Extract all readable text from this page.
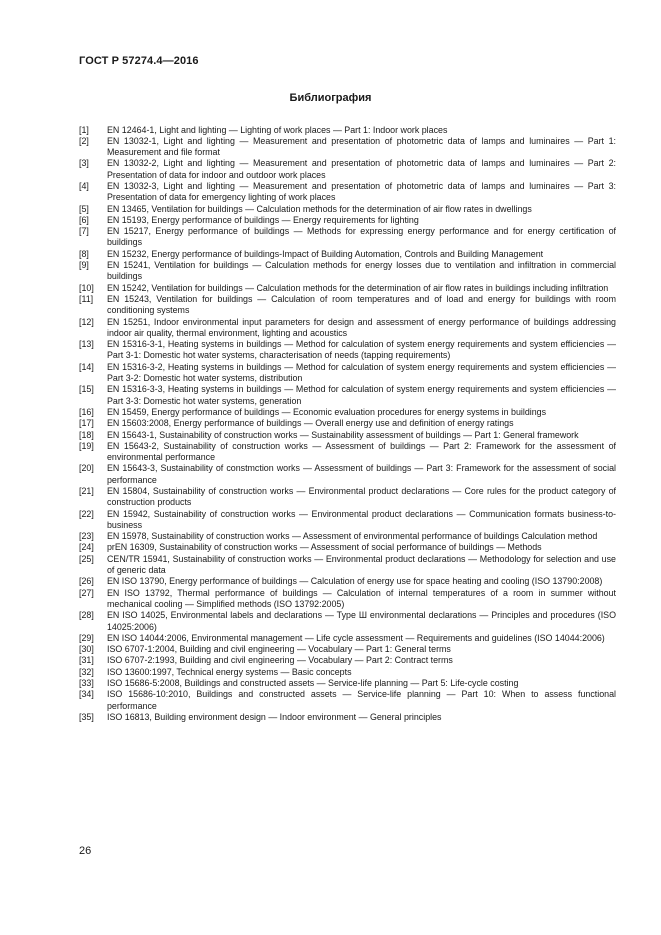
ГОСТ Р 57274.4—2016
Библиография
[1]	EN 12464-1, Light and lighting — Lighting of work places — Part 1: Indoor work places
[2]	EN 13032-1, Light and lighting — Measurement and presentation of photometric data of lamps and luminaires — Part 1: Measurement and file format
[3]	EN 13032-2, Light and lighting — Measurement and presentation of photometric data of lamps and luminaires — Part 2: Presentation of data for indoor and outdoor work places
[4]	EN 13032-3, Light and lighting — Measurement and presentation of photometric data of lamps and luminaires — Part 3: Presentation of data for emergency lighting of work places
[5]	EN 13465, Ventilation for buildings — Calculation methods for the determination of air flow rates in dwellings
[6]	EN 15193, Energy performance of buildings — Energy requirements for lighting
[7]	EN 15217, Energy performance of buildings — Methods for expressing energy performance and for energy certification of buildings
[8]	EN 15232, Energy performance of buildings-Impact of Building Automation, Controls and Building Management
[9]	EN 15241, Ventilation for buildings — Calculation methods for energy losses due to ventilation and infiltration in commercial buildings
[10]	EN 15242, Ventilation for buildings — Calculation methods for the determination of air flow rates in buildings including infiltration
[11]	EN 15243, Ventilation for buildings — Calculation of room temperatures and of load and energy for buildings with room conditioning systems
[12]	EN 15251, Indoor environmental input parameters for design and assessment of energy performance of buildings addressing indoor air quality, thermal environment, lighting and acoustics
[13]	EN 15316-3-1, Heating systems in buildings — Method for calculation of system energy requirements and system efficiencies — Part 3-1: Domestic hot water systems, characterisation of needs (tapping requirements)
[14]	EN 15316-3-2, Heating systems in buildings — Method for calculation of system energy requirements and system efficiencies — Part 3-2: Domestic hot water systems, distribution
[15]	EN 15316-3-3, Heating systems in buildings — Method for calculation of system energy requirements and system efficiencies — Part 3-3: Domestic hot water systems, generation
[16]	EN 15459, Energy performance of buildings — Economic evaluation procedures for energy systems in buildings
[17]	EN 15603:2008, Energy performance of buildings — Overall energy use and definition of energy ratings
[18]	EN 15643-1, Sustainability of construction works — Sustainability assessment of buildings — Part 1: General framework
[19]	EN 15643-2, Sustainability of construction works — Assessment of buildings — Part 2: Framework for the assessment of environmental performance
[20]	EN 15643-3, Sustainability of constmction works — Assessment of buildings — Part 3: Framework for the assessment of social performance
[21]	EN 15804, Sustainability of construction works — Environmental product declarations — Core rules for the product category of construction products
[22]	EN 15942, Sustainability of construction works — Environmental product declarations — Communication formats business-to-business
[23]	EN 15978, Sustainability of construction works — Assessment of environmental performance of buildings Calculation method
[24]	prEN 16309, Sustainability of construction works — Assessment of social performance of buildings — Methods
[25]	CEN/TR 15941, Sustainability of construction works — Environmental product declarations — Methodology for selection and use of generic data
[26]	EN ISO 13790, Energy performance of buildings — Calculation of energy use for space heating and cooling (ISO 13790:2008)
[27]	EN ISO 13792, Thermal performance of buildings — Calculation of internal temperatures of a room in summer without mechanical cooling — Simplified methods (ISO 13792:2005)
[28]	EN ISO 14025, Environmental labels and declarations — Type Ш environmental declarations — Principles and procedures (ISO 14025:2006)
[29]	EN ISO 14044:2006, Environmental management — Life cycle assessment — Requirements and guidelines (ISO 14044:2006)
[30]	ISO 6707-1:2004, Building and civil engineering — Vocabulary — Part 1: General terms
[31]	ISO 6707-2:1993, Building and civil engineering — Vocabulary — Part 2: Contract terms
[32]	ISO 13600:1997, Technical energy systems — Basic concepts
[33]	ISO 15686-5:2008, Buildings and constructed assets — Service-life planning — Part 5: Life-cycle costing
[34]	ISO 15686-10:2010, Buildings and constructed assets — Service-life planning — Part 10: When to assess functional performance
[35]	ISO 16813, Building environment design — Indoor environment — General principles
26
